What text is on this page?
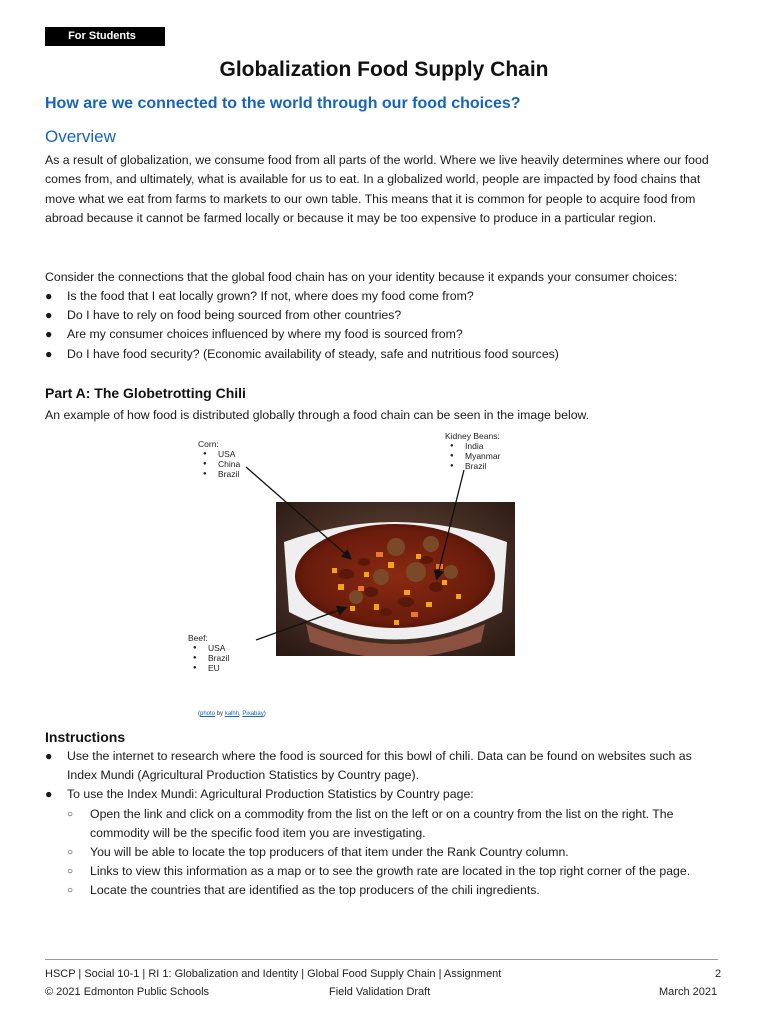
For Students
Globalization Food Supply Chain
How are we connected to the world through our food choices?
Overview
As a result of globalization, we consume food from all parts of the world. Where we live heavily determines where our food comes from, and ultimately, what is available for us to eat. In a globalized world, people are impacted by food chains that move what we eat from farms to markets to our own table. This means that it is common for people to acquire food from abroad because it cannot be farmed locally or because it may be too expensive to produce in a particular region.
Consider the connections that the global food chain has on your identity because it expands your consumer choices:
● Is the food that I eat locally grown? If not, where does my food come from?
● Do I have to rely on food being sourced from other countries?
● Are my consumer choices influenced by where my food is sourced from?
● Do I have food security? (Economic availability of steady, safe and nutritious food sources)
Part A: The Globetrotting Chili
An example of how food is distributed globally through a food chain can be seen in the image below.
Corn:
● USA
● China
● Brazil
Kidney Beans:
● India
● Myanmar
● Brazil
Beef:
● USA
● Brazil
● EU
(photo by kalhh, Pixabay)
Instructions
● Use the internet to research where the food is sourced for this bowl of chili. Data can be found on websites such as Index Mundi (Agricultural Production Statistics by Country page).
● To use the Index Mundi: Agricultural Production Statistics by Country page:
○ Open the link and click on a commodity from the list on the left or on a country from the list on the right. The commodity will be the specific food item you are investigating.
○ You will be able to locate the top producers of that item under the Rank Country column.
○ Links to view this information as a map or to see the growth rate are located in the top right corner of the page.
○ Locate the countries that are identified as the top producers of the chili ingredients.
HSCP | Social 10-1 | RI 1: Globalization and Identity | Global Food Supply Chain | Assignment	2
© 2021 Edmonton Public Schools	Field Validation Draft	March 2021
